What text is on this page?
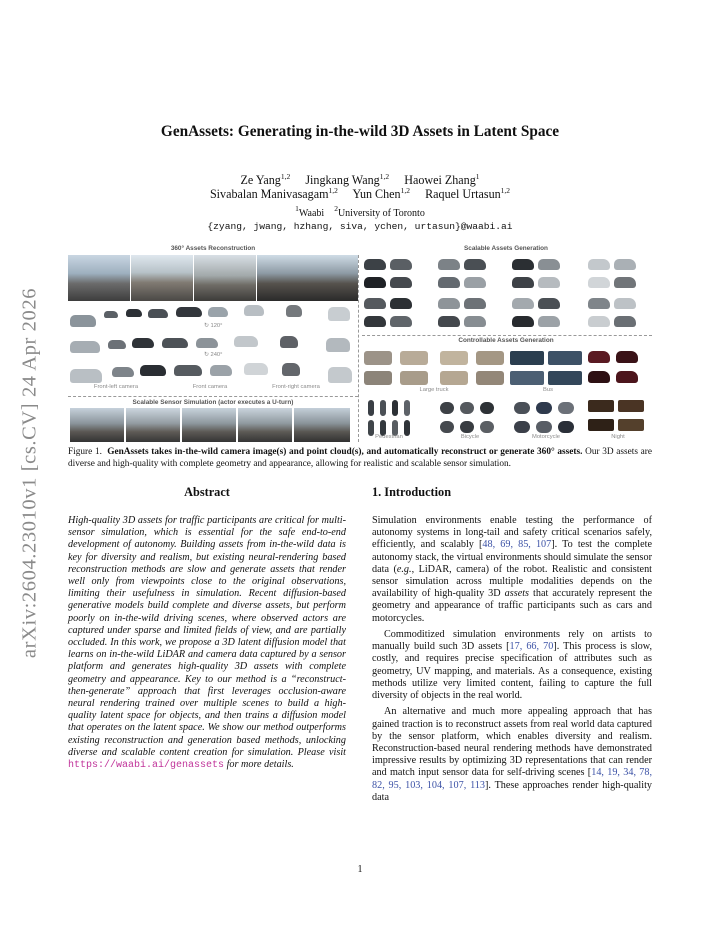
arXiv:2604.23010v1 [cs.CV] 24 Apr 2026
GenAssets: Generating in-the-wild 3D Assets in Latent Space
Ze Yang$^{1,2}$ Jingkang Wang$^{1,2}$ Haowei Zhang$^1$
Sivabalan Manivasagam$^{1,2}$ Yun Chen$^{1,2}$ Raquel Urtasun$^{1,2}$
$^1$Waabi $^2$University of Toronto
{zyang, jwang, hzhang, siva, ychen, urtasun}@waabi.ai
360° Assets Reconstruction	Scalable Assets Generation
↻ 120°
↻ 240°
Front-left camera	Front camera	Front-right camera
Scalable Sensor Simulation (actor executes a U-turn)
Controllable Assets Generation
Large truck	Bus
Pedestrian	Bicycle	Motorcycle	Night
Figure 1. GenAssets takes in-the-wild camera image(s) and point cloud(s), and automatically reconstruct or generate 360° assets. Our 3D assets are diverse and high-quality with complete geometry and appearance, allowing for realistic and scalable sensor simulation.
Abstract

High-quality 3D assets for traffic participants are critical for multi-sensor simulation, which is essential for the safe end-to-end development of autonomy. Building assets from in-the-wild data is key for diversity and realism, but existing neural-rendering based reconstruction methods are slow and generate assets that render well only from viewpoints close to the original observations, limiting their usefulness in simulation. Recent diffusion-based generative models build complete and diverse assets, but perform poorly on in-the-wild driving scenes, where observed actors are captured under sparse and limited fields of view, and are partially occluded. In this work, we propose a 3D latent diffusion model that learns on in-the-wild LiDAR and camera data captured by a sensor platform and generates high-quality 3D assets with complete geometry and appearance. Key to our method is a “reconstruct-then-generate” approach that first leverages occlusion-aware neural rendering trained over multiple scenes to build a high-quality latent space for objects, and then trains a diffusion model that operates on the latent space. We show our method outperforms existing reconstruction and generation based methods, unlocking diverse and scalable content creation for simulation. Please visit https://waabi.ai/genassets for more details.

1. Introduction

Simulation environments enable testing the performance of autonomy systems in long-tail and safety critical scenarios safely, efficiently, and scalably [48, 69, 85, 107]. To test the complete autonomy stack, the virtual environments should simulate the sensor data (e.g., LiDAR, camera) of the robot. Realistic and consistent sensor simulation across multiple modalities depends on the availability of high-quality 3D assets that accurately represent the geometry and appearance of traffic participants such as cars and motorcycles.

Commoditized simulation environments rely on artists to manually build such 3D assets [17, 66, 70]. This process is slow, costly, and requires precise specification of attributes such as geometry, UV mapping, and materials. As a consequence, existing methods utilize very limited content, failing to capture the full diversity of objects in the real world.

An alternative and much more appealing approach that has gained traction is to reconstruct assets from real world data captured by the sensor platform, which enables diversity and realism. Reconstruction-based neural rendering methods have demonstrated impressive results by optimizing 3D representations that can render and match input sensor data for self-driving scenes [14, 19, 34, 78, 82, 95, 103, 104, 107, 113]. These approaches render high-quality data

1
